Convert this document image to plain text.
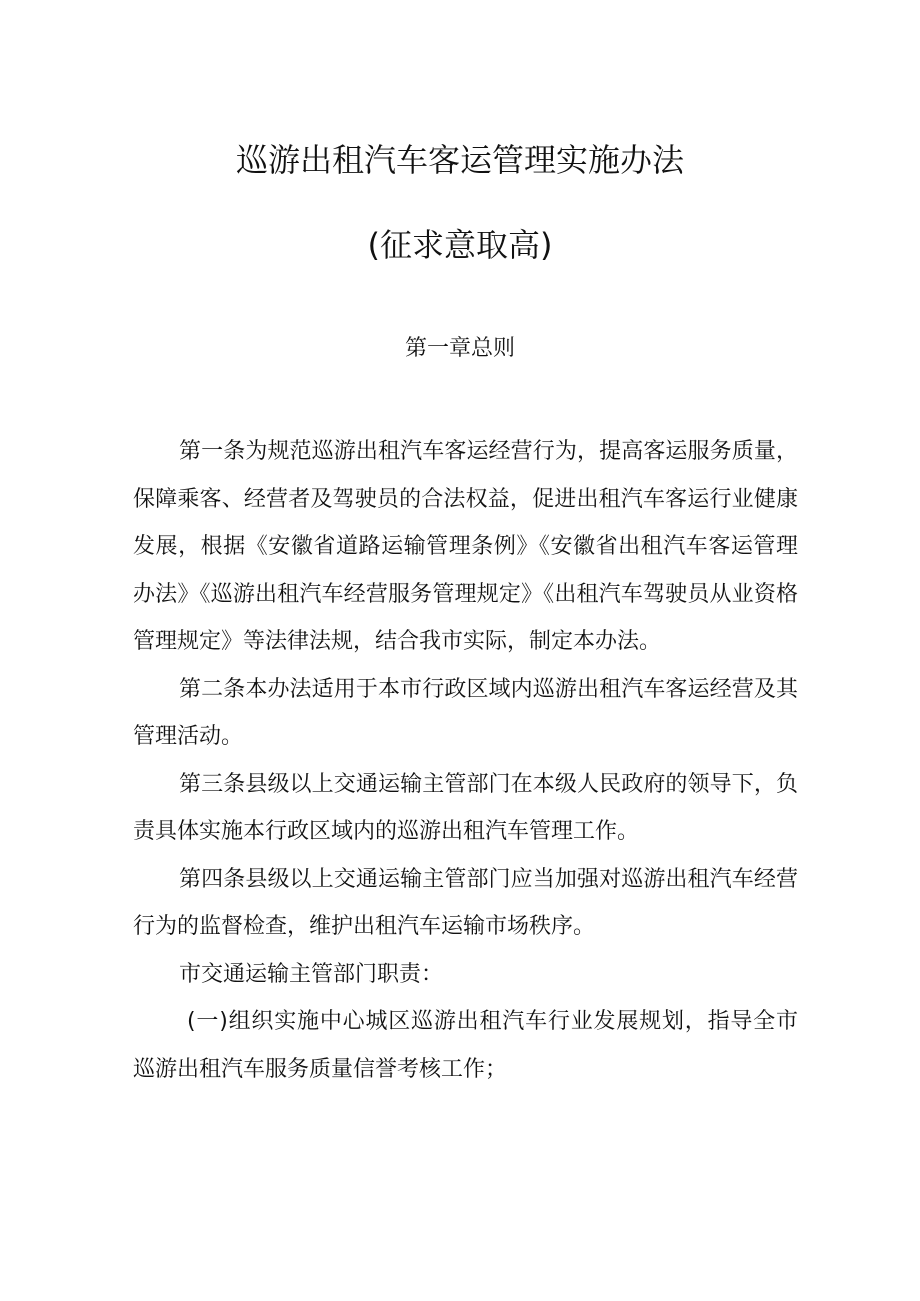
巡游出租汽车客运管理实施办法
(征求意取高)
第一章总则

第一条为规范巡游出租汽车客运经营行为，提高客运服务质量，保障乘客、经营者及驾驶员的合法权益，促进出租汽车客运行业健康发展，根据《安徽省道路运输管理条例》《安徽省出租汽车客运管理办法》《巡游出租汽车经营服务管理规定》《出租汽车驾驶员从业资格管理规定》等法律法规，结合我市实际，制定本办法。

第二条本办法适用于本市行政区域内巡游出租汽车客运经营及其管理活动。

第三条县级以上交通运输主管部门在本级人民政府的领导下，负责具体实施本行政区域内的巡游出租汽车管理工作。

第四条县级以上交通运输主管部门应当加强对巡游出租汽车经营行为的监督检查，维护出租汽车运输市场秩序。

市交通运输主管部门职责：

(一)组织实施中心城区巡游出租汽车行业发展规划，指导全市巡游出租汽车服务质量信誉考核工作；
